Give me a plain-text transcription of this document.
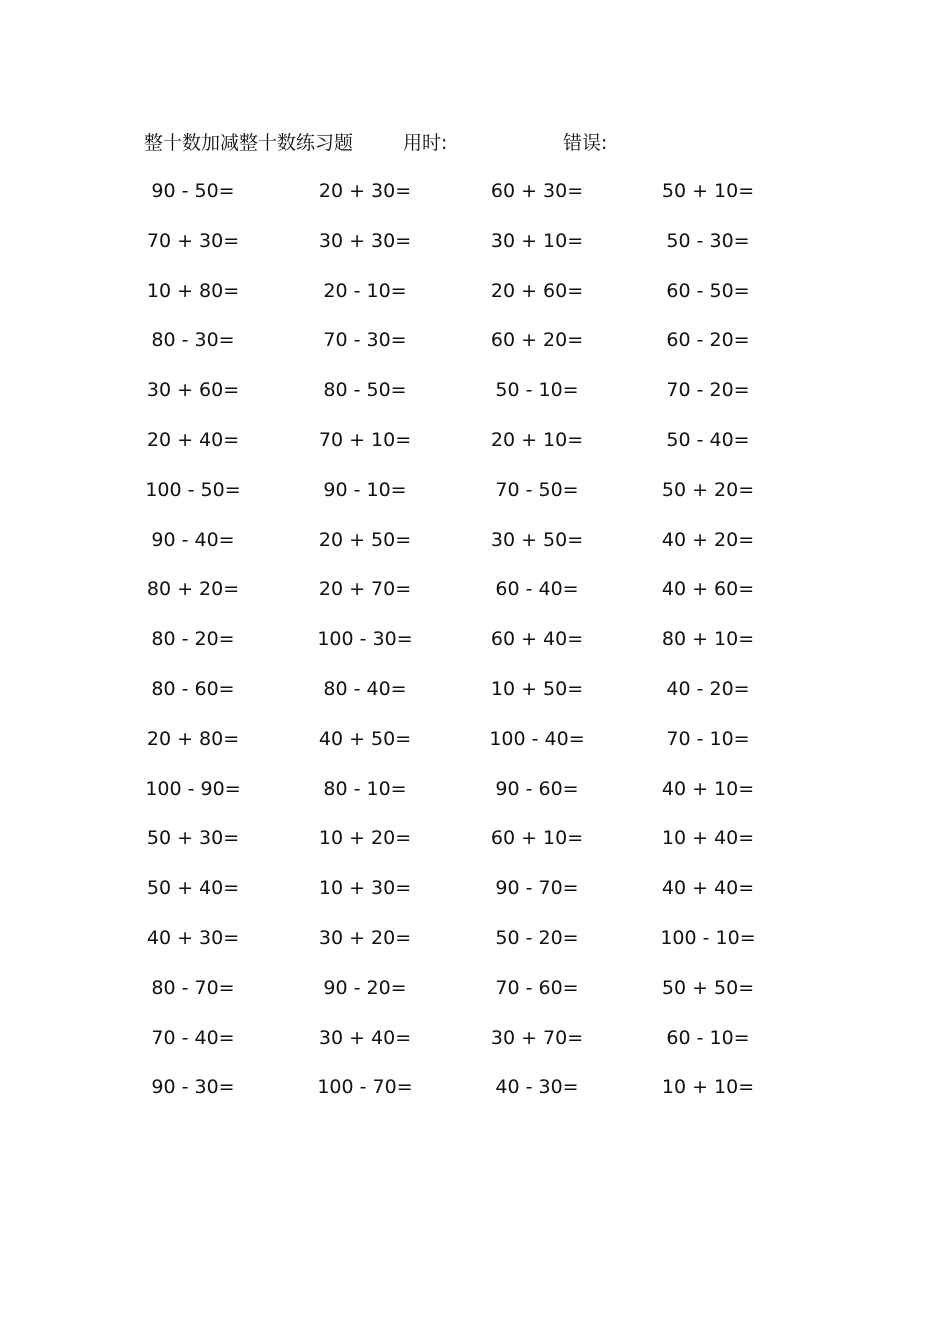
整十数加减整十数练习题	用时:	错误:
90 - 50=	20 + 30=	60 + 30=	50 + 10=
70 + 30=	30 + 30=	30 + 10=	50 - 30=
10 + 80=	20 - 10=	20 + 60=	60 - 50=
80 - 30=	70 - 30=	60 + 20=	60 - 20=
30 + 60=	80 - 50=	50 - 10=	70 - 20=
20 + 40=	70 + 10=	20 + 10=	50 - 40=
100 - 50=	90 - 10=	70 - 50=	50 + 20=
90 - 40=	20 + 50=	30 + 50=	40 + 20=
80 + 20=	20 + 70=	60 - 40=	40 + 60=
80 - 20=	100 - 30=	60 + 40=	80 + 10=
80 - 60=	80 - 40=	10 + 50=	40 - 20=
20 + 80=	40 + 50=	100 - 40=	70 - 10=
100 - 90=	80 - 10=	90 - 60=	40 + 10=
50 + 30=	10 + 20=	60 + 10=	10 + 40=
50 + 40=	10 + 30=	90 - 70=	40 + 40=
40 + 30=	30 + 20=	50 - 20=	100 - 10=
80 - 70=	90 - 20=	70 - 60=	50 + 50=
70 - 40=	30 + 40=	30 + 70=	60 - 10=
90 - 30=	100 - 70=	40 - 30=	10 + 10=
